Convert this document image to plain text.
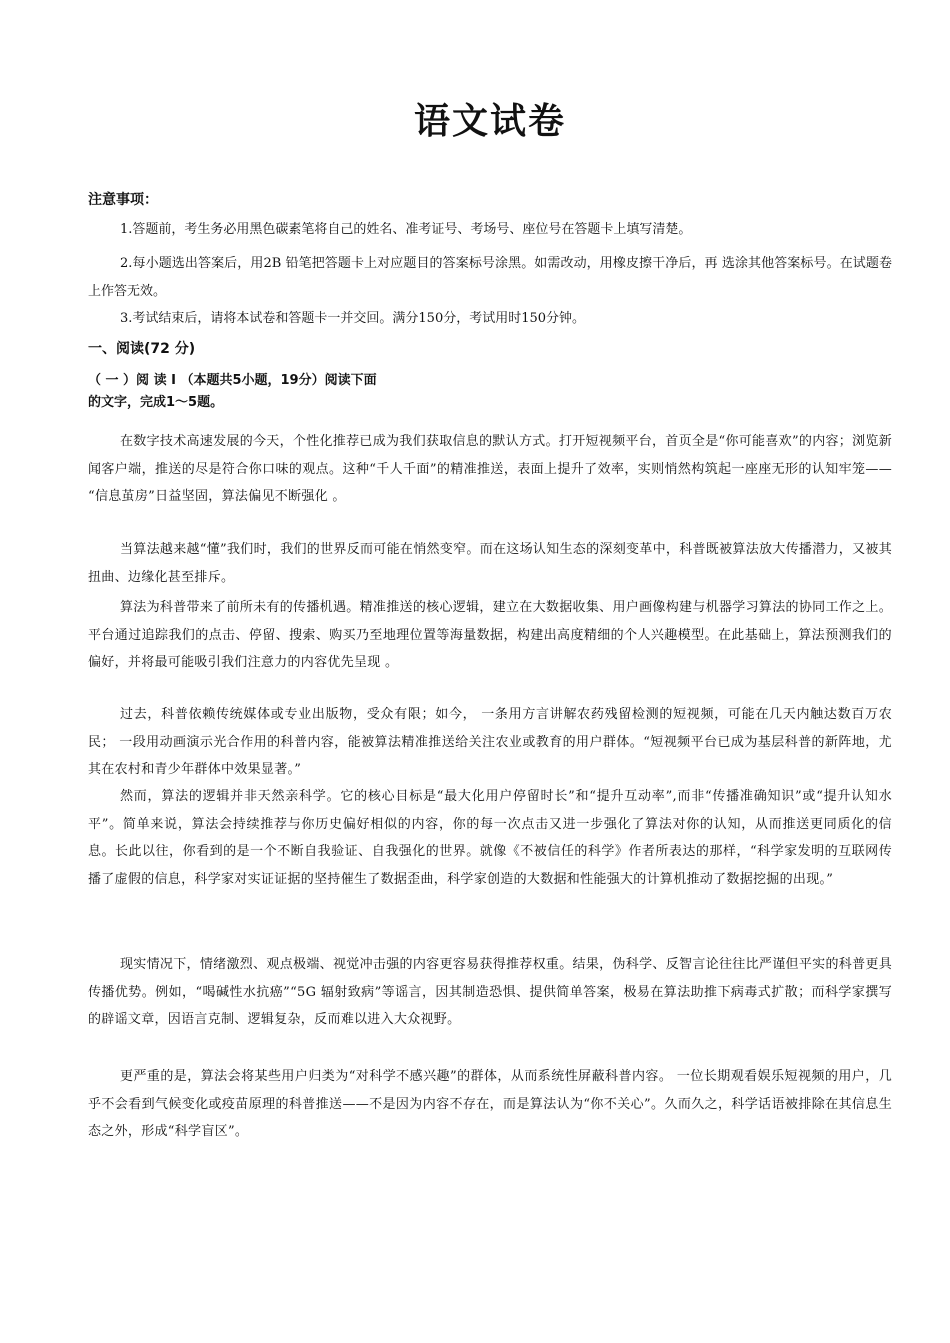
语文试卷
注意事项：
1.答题前，考生务必用黑色碳素笔将自己的姓名、准考证号、考场号、座位号在答题卡上填写清楚。
2.每小题选出答案后，用2B 铅笔把答题卡上对应题目的答案标号涂黑。如需改动，用橡皮擦干净后，再 选涂其他答案标号。在试题卷上作答无效。
3.考试结束后，请将本试卷和答题卡一并交回。满分150分，考试用时150分钟。
一、阅读(72 分)
（ 一 ）阅 读 I （本题共5小题，19分）阅读下面的文字，完成1～5题。
在数字技术高速发展的今天，个性化推荐已成为我们获取信息的默认方式。打开短视频平台，首页全是“你可能喜欢”的内容；浏览新闻客户端，推送的尽是符合你口味的观点。这种“千人千面”的精准推送，表面上提升了效率，实则悄然构筑起一座座无形的认知牢笼—— “信息茧房”日益坚固，算法偏见不断强化 。
当算法越来越“懂”我们时，我们的世界反而可能在悄然变窄。而在这场认知生态的深刻变革中，科普既被算法放大传播潜力，又被其扭曲、边缘化甚至排斥。
算法为科普带来了前所未有的传播机遇。精准推送的核心逻辑，建立在大数据收集、用户画像构建与机器学习算法的协同工作之上。平台通过追踪我们的点击、停留、搜索、购买乃至地理位置等海量数据，构建出高度精细的个人兴趣模型。在此基础上，算法预测我们的偏好，并将最可能吸引我们注意力的内容优先呈现 。
过去，科普依赖传统媒体或专业出版物，受众有限；如今， 一条用方言讲解农药残留检测的短视频，可能在几天内触达数百万农民； 一段用动画演示光合作用的科普内容，能被算法精准推送给关注农业或教育的用户群体。“短视频平台已成为基层科普的新阵地，尤其在农村和青少年群体中效果显著。”
然而，算法的逻辑并非天然亲科学。它的核心目标是“最大化用户停留时长”和“提升互动率”,而非“传播准确知识”或“提升认知水平”。简单来说，算法会持续推荐与你历史偏好相似的内容，你的每一次点击又进一步强化了算法对你的认知，从而推送更同质化的信息。长此以往，你看到的是一个不断自我验证、自我强化的世界。就像《不被信任的科学》作者所表达的那样，“科学家发明的互联网传播了虚假的信息，科学家对实证证据的坚持催生了数据歪曲，科学家创造的大数据和性能强大的计算机推动了数据挖掘的出现。”
现实情况下，情绪激烈、观点极端、视觉冲击强的内容更容易获得推荐权重。结果，伪科学、反智言论往往比严谨但平实的科普更具传播优势。例如，“喝碱性水抗癌”“5G 辐射致病”等谣言，因其制造恐惧、提供简单答案，极易在算法助推下病毒式扩散；而科学家撰写的辟谣文章，因语言克制、逻辑复杂，反而难以进入大众视野。
更严重的是，算法会将某些用户归类为“对科学不感兴趣”的群体，从而系统性屏蔽科普内容。 一位长期观看娱乐短视频的用户，几乎不会看到气候变化或疫苗原理的科普推送——不是因为内容不存在，而是算法认为“你不关心”。久而久之，科学话语被排除在其信息生态之外，形成“科学盲区”。
